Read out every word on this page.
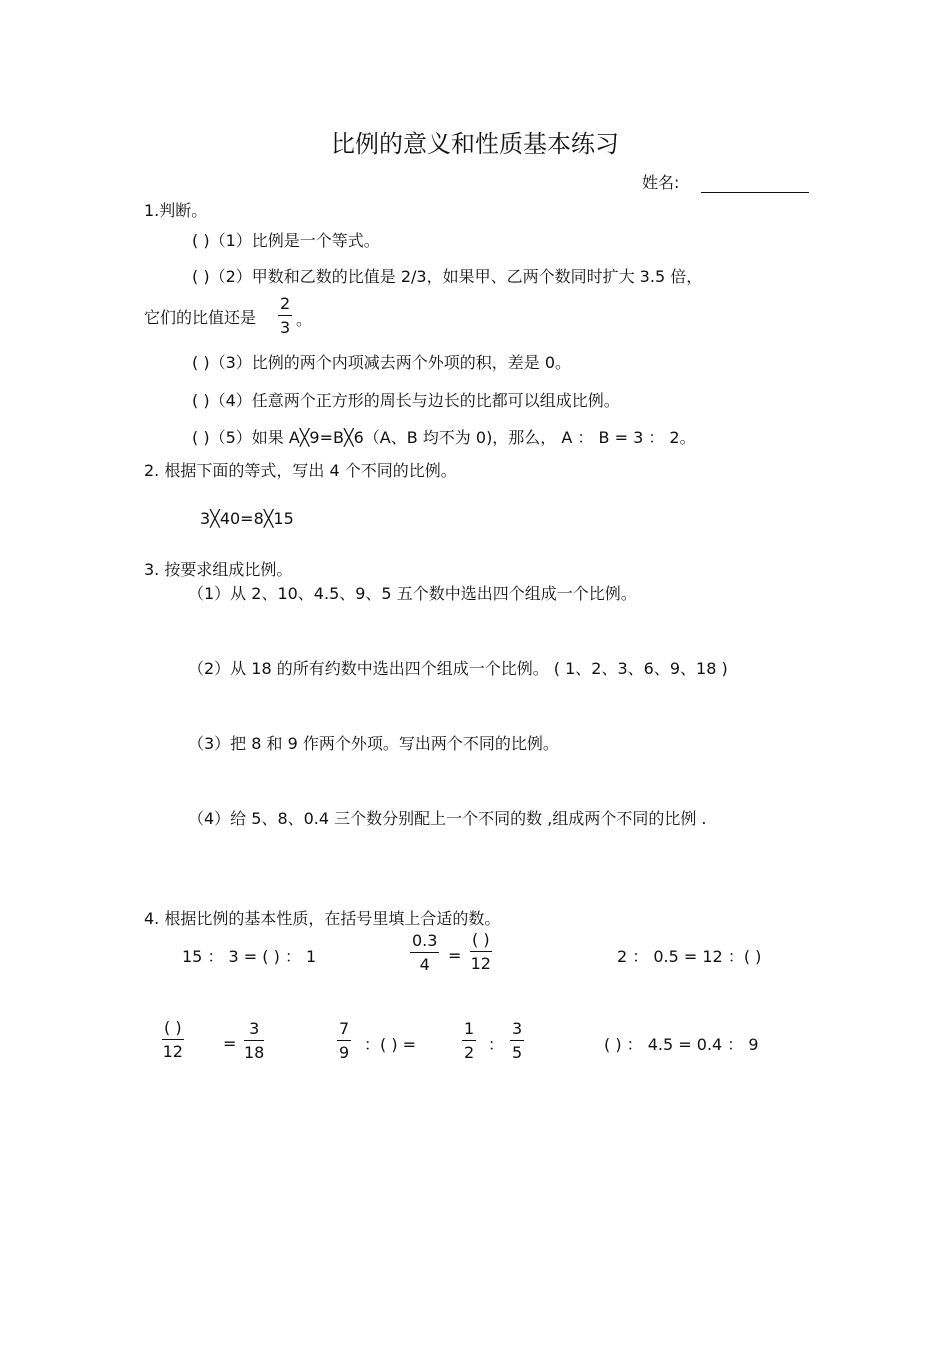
比例的意义和性质基本练习
姓名:
1.判断。
( )（1）比例是一个等式。
( )（2）甲数和乙数的比值是 2/3，如果甲、乙两个数同时扩大 3.5 倍，
它们的比值还是
2
3 。
( )（3）比例的两个内项减去两个外项的积，差是 0。
( )（4）任意两个正方形的周长与边长的比都可以组成比例。
( )（5）如果 A╳9=B╳6（A、B 均不为 0)，那么， A ： B = 3 ： 2。
2. 根据下面的等式，写出 4 个不同的比例。
3╳40=8╳15
3. 按要求组成比例。
（1）从 2、10、4.5、9、5 五个数中选出四个组成一个比例。
（2）从 18 的所有约数中选出四个组成一个比例。 ( 1、2、3、6、9、18 )
（3）把 8 和 9 作两个外项。写出两个不同的比例。
（4）给 5、8、0.4 三个数分别配上一个不同的数 ,组成两个不同的比例 .
4. 根据比例的基本性质，在括号里填上合适的数。
15 ： 3 = ( ) ： 1
0.3
4 =
( )
12	2 ： 0.5 = 12 ：( )
( )
12	=
3
18
7
9 ：( ) =
1
2 ：
3
5	( ) ： 4.5 = 0.4 ： 9
